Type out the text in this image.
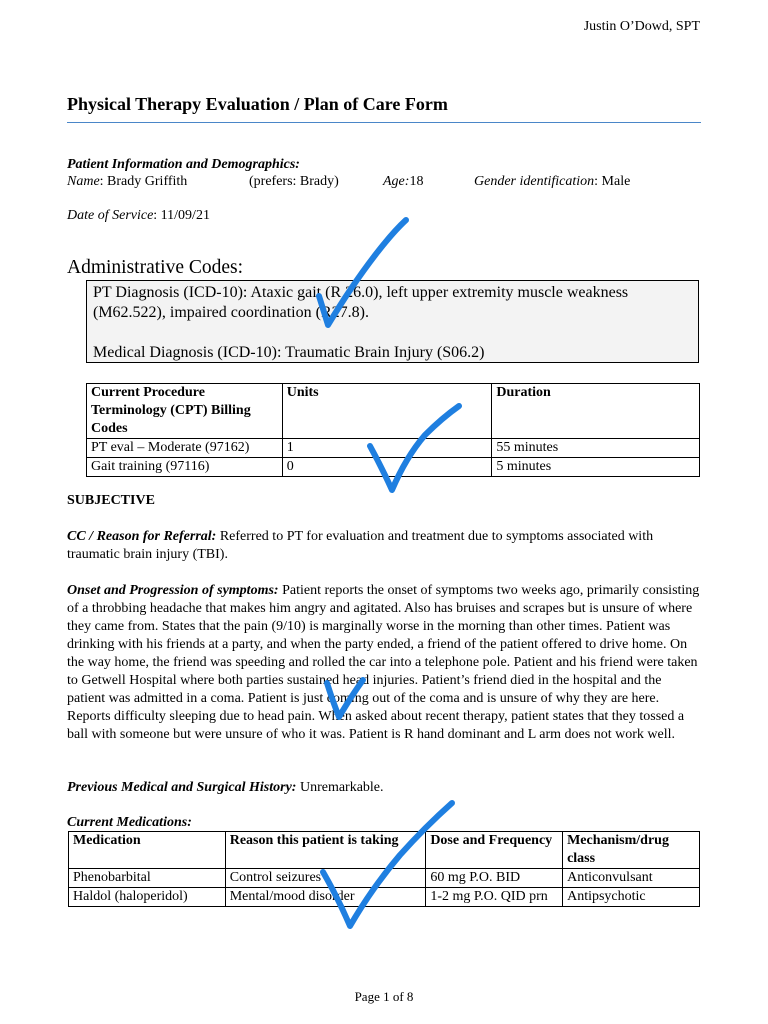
Justin O’Dowd, SPT
Physical Therapy Evaluation / Plan of Care Form
Patient Information and Demographics:
Name : Brady Griffith	(prefers: Brady)	Age: 18	Gender identification : Male
Date of Service: 11/09/21
Administrative Codes:

PT Diagnosis (ICD-10): Ataxic gait (R 26.0), left upper extremity muscle weakness

(M62.522), impaired coordination (R27.8).

Medical Diagnosis (ICD-10): Traumatic Brain Injury (S06.2)

Current Procedure Terminology (CPT) Billing Codes	Units	Duration
PT eval – Moderate (97162)	1	55 minutes
Gait training (97116)	0	5 minutes
SUBJECTIVE

CC / Reason for Referral: Referred to PT for evaluation and treatment due to symptoms associated with traumatic brain injury (TBI).

Onset and Progression of symptoms: Patient reports the onset of symptoms two weeks ago, primarily consisting of a throbbing headache that makes him angry and agitated. Also has bruises and scrapes but is unsure of where they came from. States that the pain (9/10) is marginally worse in the morning than other times. Patient was drinking with his friends at a party, and when the party ended, a friend of the patient offered to drive home. On the way home, the friend was speeding and rolled the car into a telephone pole. Patient and his friend were taken to Getwell Hospital where both parties sustained head injuries. Patient’s friend died in the hospital and the patient was admitted in a coma. Patient is just coming out of the coma and is unsure of why they are here. Reports difficulty sleeping due to head pain. When asked about recent therapy, patient states that they tossed a ball with someone but were unsure of who it was. Patient is R hand dominant and L arm does not work well.

Previous Medical and Surgical History: Unremarkable.

Current Medications:
Medication	Reason this patient is taking	Dose and Frequency	Mechanism/drug class
Phenobarbital	Control seizures	60 mg P.O. BID	Anticonvulsant
Haldol (haloperidol)	Mental/mood disorder	1-2 mg P.O. QID prn	Antipsychotic
Page 1 of 8
